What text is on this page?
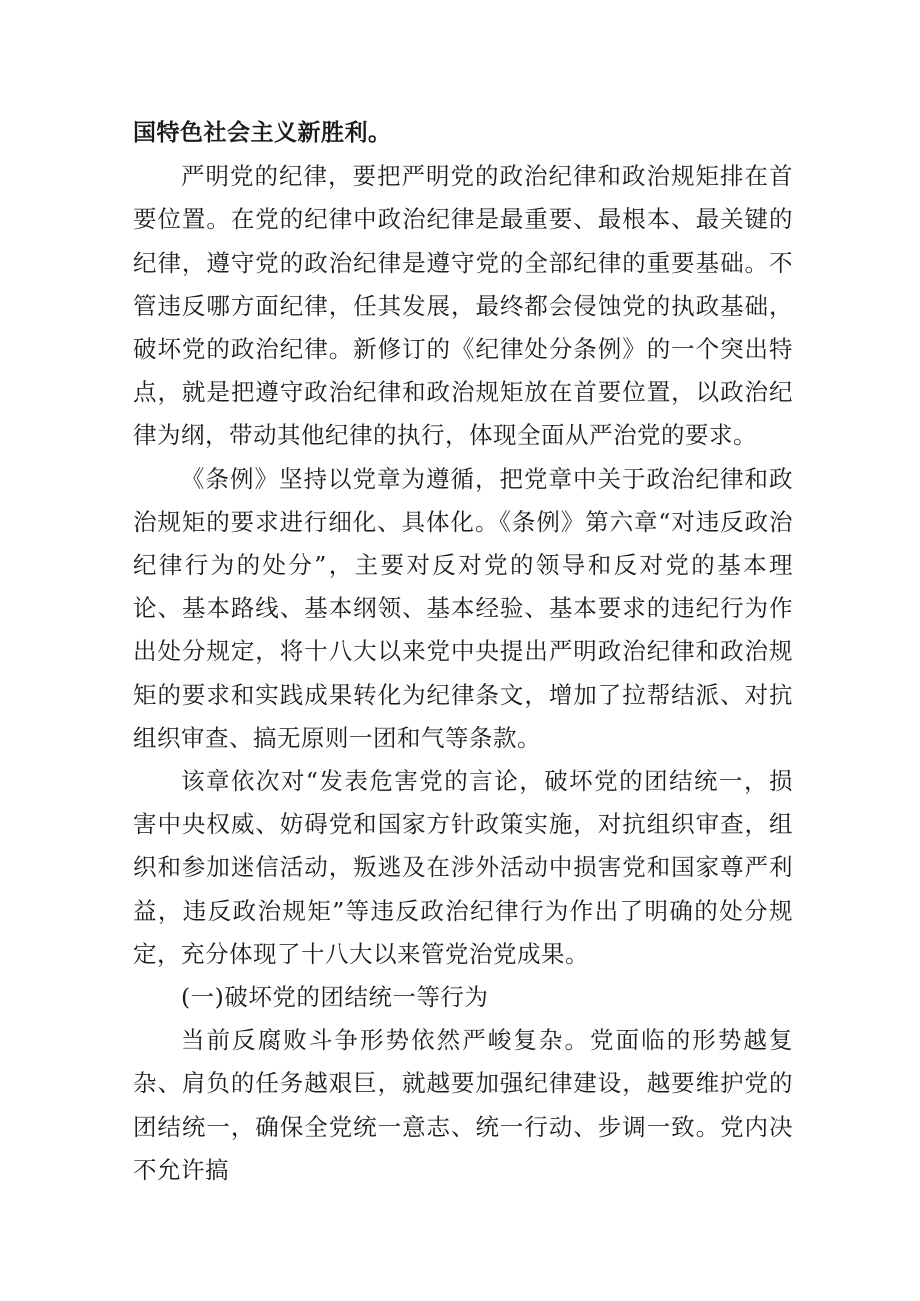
国特色社会主义新胜利。

严明党的纪律，要把严明党的政治纪律和政治规矩排在首要位置。在党的纪律中政治纪律是最重要、最根本、最关键的纪律，遵守党的政治纪律是遵守党的全部纪律的重要基础。不管违反哪方面纪律，任其发展，最终都会侵蚀党的执政基础，破坏党的政治纪律。新修订的《纪律处分条例》的一个突出特点，就是把遵守政治纪律和政治规矩放在首要位置，以政治纪律为纲，带动其他纪律的执行，体现全面从严治党的要求。

《条例》坚持以党章为遵循，把党章中关于政治纪律和政治规矩的要求进行细化、具体化。《条例》第六章“对违反政治纪律行为的处分”，主要对反对党的领导和反对党的基本理论、基本路线、基本纲领、基本经验、基本要求的违纪行为作出处分规定，将十八大以来党中央提出严明政治纪律和政治规矩的要求和实践成果转化为纪律条文，增加了拉帮结派、对抗组织审查、搞无原则一团和气等条款。

该章依次对“发表危害党的言论，破坏党的团结统一，损害中央权威、妨碍党和国家方针政策实施，对抗组织审查，组织和参加迷信活动，叛逃及在涉外活动中损害党和国家尊严利益，违反政治规矩”等违反政治纪律行为作出了明确的处分规定，充分体现了十八大以来管党治党成果。

(一)破坏党的团结统一等行为

当前反腐败斗争形势依然严峻复杂。党面临的形势越复杂、肩负的任务越艰巨，就越要加强纪律建设，越要维护党的团结统一，确保全党统一意志、统一行动、步调一致。党内决不允许搞
